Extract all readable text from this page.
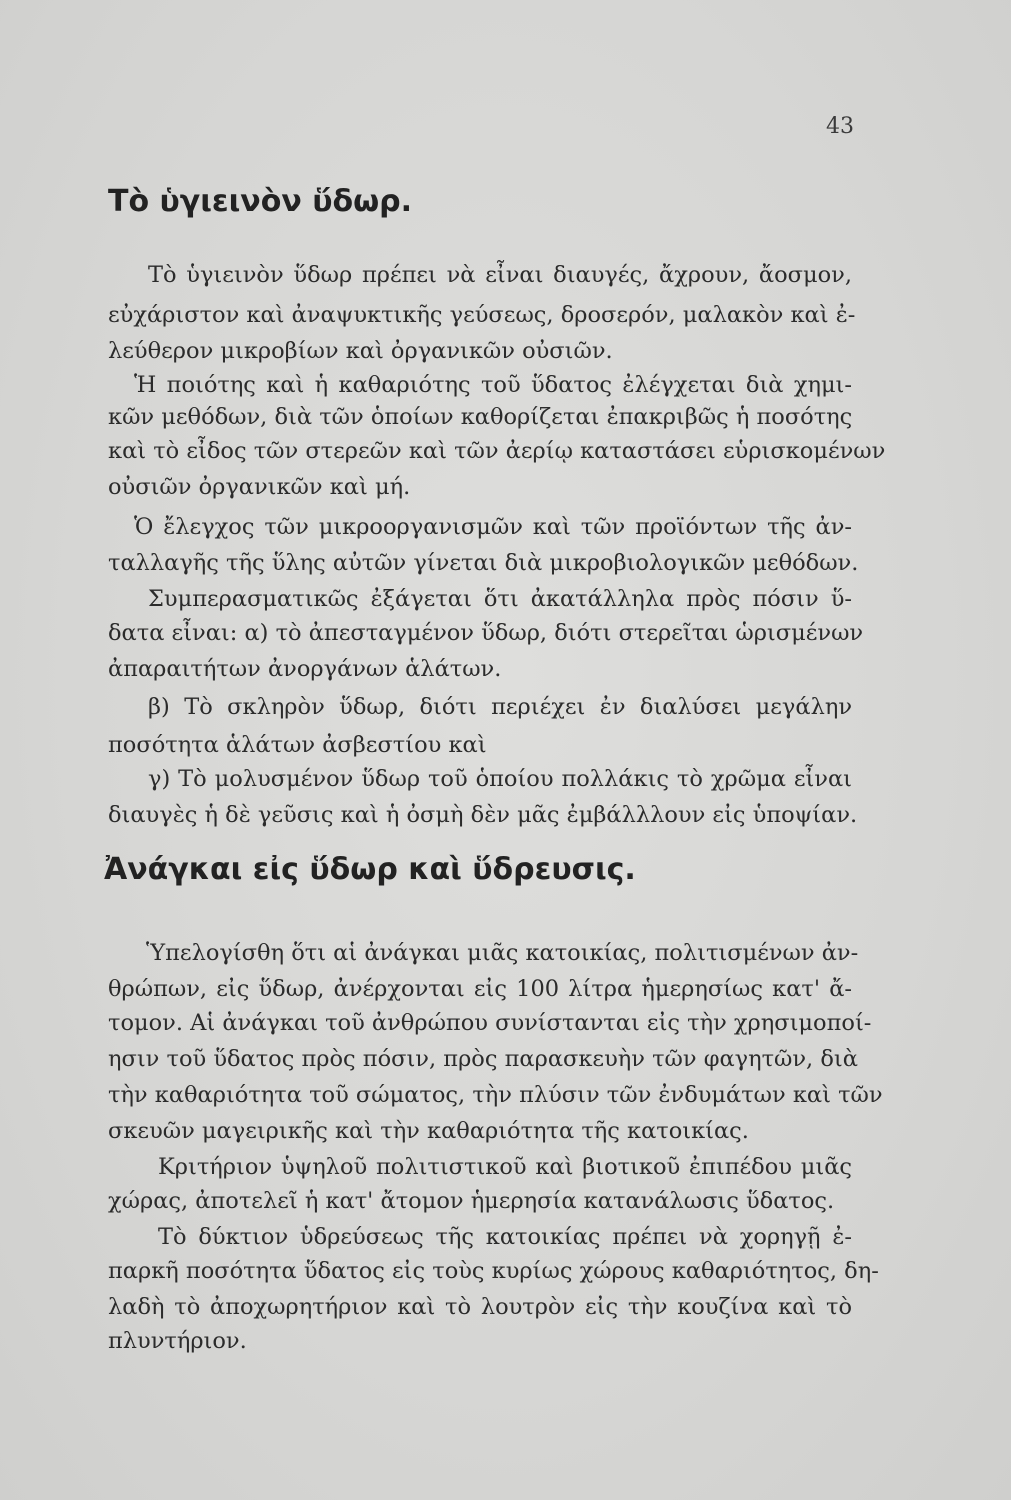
43
Τὸ ὑγιεινὸν ὕδωρ.
Τὸ ὑγιεινὸν ὕδωρ πρέπει νὰ εἶναι διαυγές, ἄχρουν, ἄοσμον,
εὐχάριστον καὶ ἀναψυκτικῆς γεύσεως, δροσερόν, μαλακὸν καὶ ἐ-
λεύθερον μικροβίων καὶ ὀργανικῶν οὐσιῶν.
Ἡ ποιότης καὶ ἡ καθαριότης τοῦ ὕδατος ἐλέγχεται διὰ χημι-
κῶν μεθόδων, διὰ τῶν ὁποίων καθορίζεται ἐπακριβῶς ἡ ποσότης
καὶ τὸ εἶδος τῶν στερεῶν καὶ τῶν ἀερίῳ καταστάσει εὑρισκομένων
οὐσιῶν ὀργανικῶν καὶ μή.
Ὁ ἔλεγχος τῶν μικροοργανισμῶν καὶ τῶν προϊόντων τῆς ἀν-
ταλλαγῆς τῆς ὕλης αὐτῶν γίνεται διὰ μικροβιολογικῶν μεθόδων.
Συμπερασματικῶς ἐξάγεται ὅτι ἀκατάλληλα πρὸς πόσιν ὕ-
δατα εἶναι: α) τὸ ἀπεσταγμένον ὕδωρ, διότι στερεῖται ὡρισμένων
ἀπαραιτήτων ἀνοργάνων ἁλάτων.
β) Τὸ σκληρὸν ὕδωρ, διότι περιέχει ἐν διαλύσει μεγάλην
ποσότητα ἁλάτων ἀσβεστίου καὶ
γ) Τὸ μολυσμένον ὕδωρ τοῦ ὁποίου πολλάκις τὸ χρῶμα εἶναι
διαυγὲς ἡ δὲ γεῦσις καὶ ἡ ὀσμὴ δὲν μᾶς ἐμβάλλλουν εἰς ὑποψίαν.
Ἀνάγκαι εἰς ὕδωρ καὶ ὕδρευσις.
Ὑπελογίσθη ὅτι αἱ ἀνάγκαι μιᾶς κατοικίας, πολιτισμένων ἀν-
θρώπων, εἰς ὕδωρ, ἀνέρχονται εἰς 100 λίτρα ἡμερησίως κατ' ἄ-
τομον. Αἱ ἀνάγκαι τοῦ ἀνθρώπου συνίστανται εἰς τὴν χρησιμοποί-
ησιν τοῦ ὕδατος πρὸς πόσιν, πρὸς παρασκευὴν τῶν φαγητῶν, διὰ
τὴν καθαριότητα τοῦ σώματος, τὴν πλύσιν τῶν ἐνδυμάτων καὶ τῶν
σκευῶν μαγειρικῆς καὶ τὴν καθαριότητα τῆς κατοικίας.
Κριτήριον ὑψηλοῦ πολιτιστικοῦ καὶ βιοτικοῦ ἐπιπέδου μιᾶς
χώρας, ἀποτελεῖ ἡ κατ' ἄτομον ἡμερησία κατανάλωσις ὕδατος.
Τὸ δύκτιον ὑδρεύσεως τῆς κατοικίας πρέπει νὰ χορηγῇ ἐ-
παρκῆ ποσότητα ὕδατος εἰς τοὺς κυρίως χώρους καθαριότητος, δη-
λαδὴ τὸ ἀποχωρητήριον καὶ τὸ λουτρὸν εἰς τὴν κουζίνα καὶ τὸ
πλυντήριον.
